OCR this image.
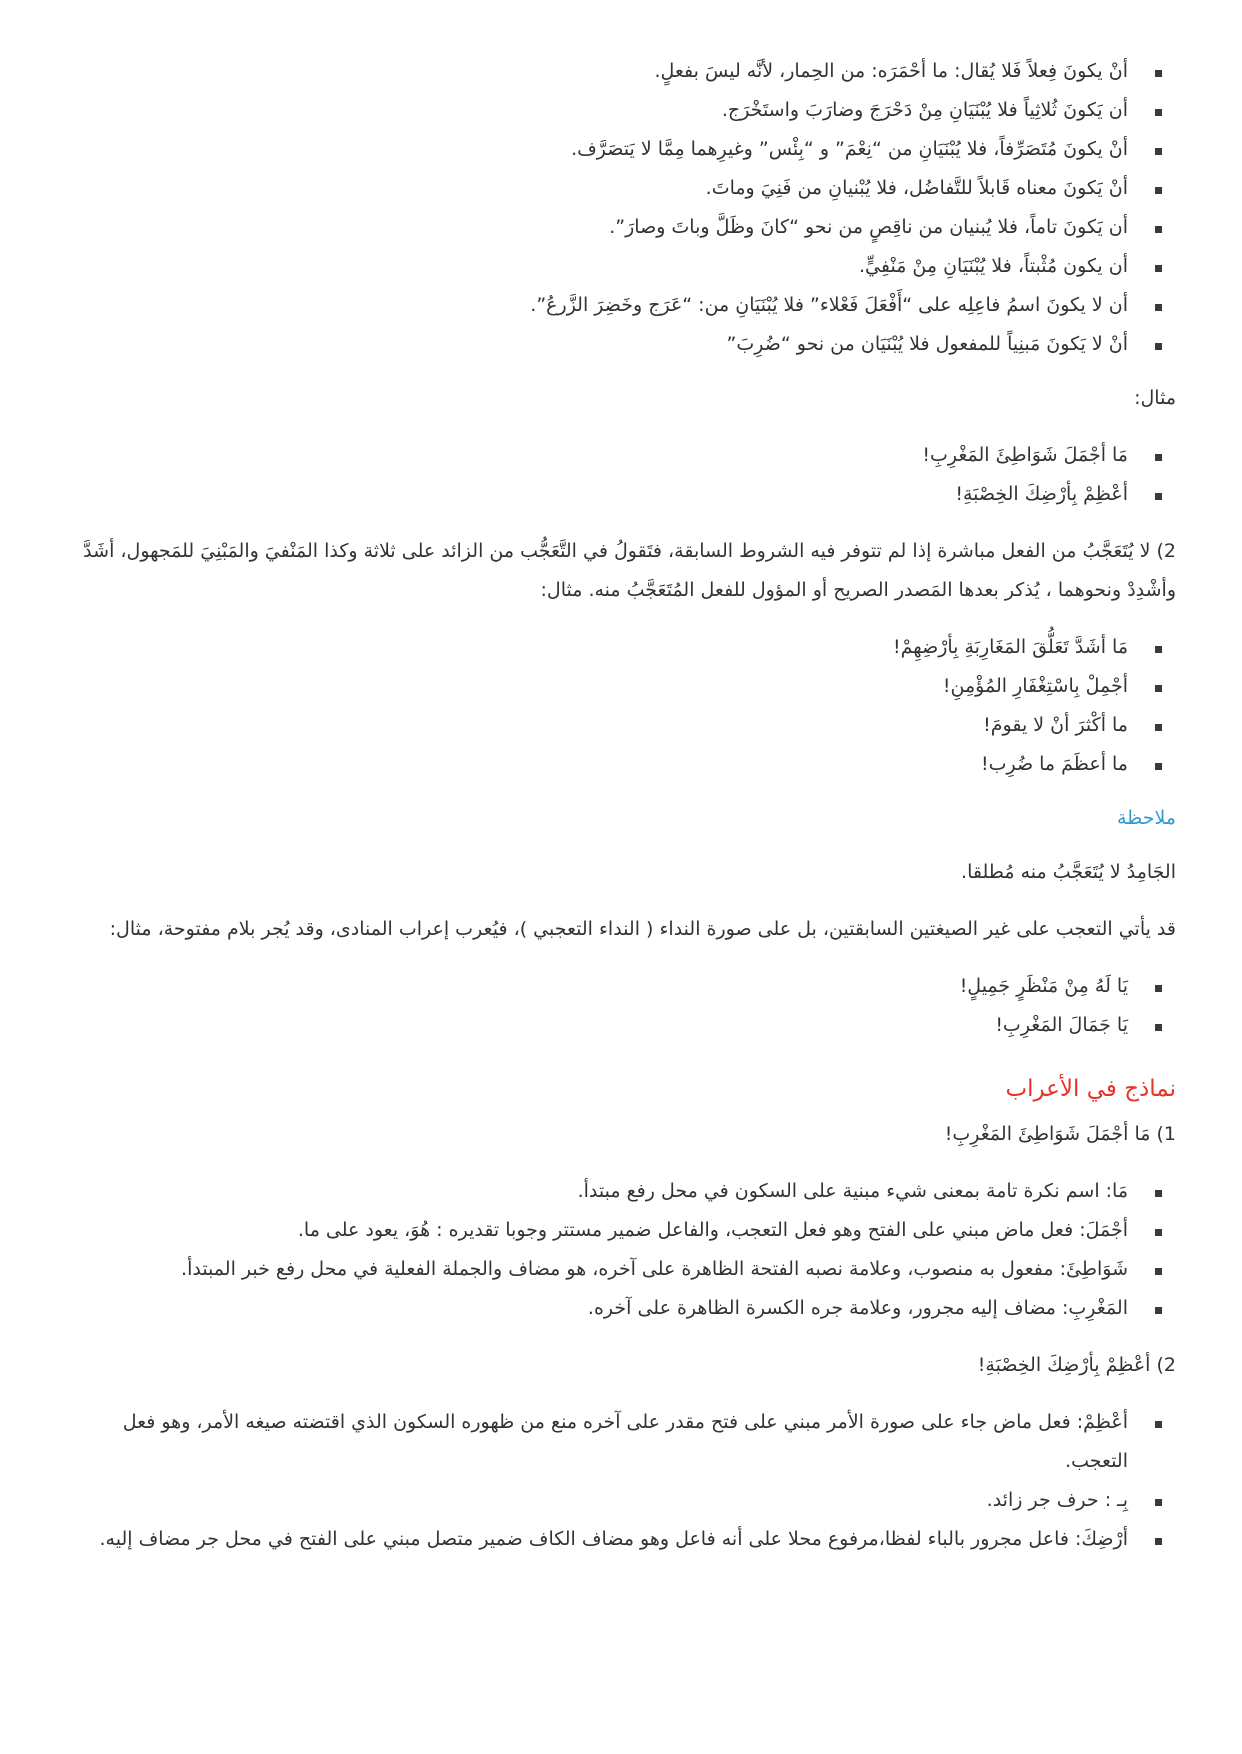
أنْ يكونَ فِعلاً فَلا يُقال: ما أحْمَرَه: من الحِمار، لأنَّه ليسَ بفعلٍ.
أن يَكونَ ثُلاثِياً فلا يُبْنَيَانِ مِنْ دَحْرَجَ وضارَبَ واستَخْرَج.
أنْ يكونَ مُتَصَرِّفاً، فلا يُبْنَيَانِ من “نِعْمَ” و “بِئْس” وغيرِهما مِمَّا لا يَتصَرَّف.
أنْ يَكونَ معناه قَابلاً للتَّفاضُل، فلا يُبْنيانِ من فَنِيَ وماتَ.
أن يَكونَ تاماً، فلا يُبنيان من ناقِصٍ من نحو “كانَ وظَلَّ وباتَ وصارَ”.
أن يكون مُثْبتاً، فلا يُبْنَيَانِ مِنْ مَنْفِيٍّ.
أن لا يكونَ اسمُ فاعِلِه على “أَفْعَلَ فَعْلاء” فلا يُبْنَيَانِ من: “عَرَج وخَضِرَ الزَّرعُ”.
أنْ لا يَكونَ مَبنِياً للمفعول فلا يُبْنَيَان من نحو “ضُرِبَ”

مثال:

مَا أجْمَلَ شَوَاطِئَ المَغْرِبِ!
أعْظِمْ بِأرْضِكَ الخِصْبَةِ!

2) لا يُتَعَجَّبُ من الفعل مباشرة إذا لم تتوفر فيه الشروط السابقة، فتَقولُ في التَّعَجُّب من الزائد على ثلاثة وكذا المَنْفيَ والمَبْنِيَ للمَجهول، أشَدَّ وأشْدِدْ ونحوهما ، يُذكر بعدها المَصدر الصريح أو المؤول للفعل المُتَعَجَّبُ منه. مثال:

مَا أشَدَّ تَعَلُّقَ المَغَارِبَةِ بِأرْضِهِمْ!
أجْمِلْ بِاسْتِغْفَارِ المُؤْمِنِ!
ما أكْثرَ أنْ لا يقومَ!
ما أعظَمَ ما ضُرِب!

ملاحظة

الجَامِدُ لا يُتَعَجَّبُ منه مُطلقا.

قد يأتي التعجب على غير الصيغتين السابقتين، بل على صورة النداء ( النداء التعجبي )، فيُعرب إعراب المنادى، وقد يُجر بلام مفتوحة، مثال:

يَا لَهُ مِنْ مَنْظَرٍ جَمِيلٍ!
يَا جَمَالَ المَغْرِبِ!

نماذج في الأعراب

1) مَا أجْمَلَ شَوَاطِئَ المَغْرِبِ!

مَا: اسم نكرة تامة بمعنى شيء مبنية على السكون في محل رفع مبتدأ.
أجْمَلَ: فعل ماض مبني على الفتح وهو فعل التعجب، والفاعل ضمير مستتر وجوبا تقديره : هُوَ، يعود على ما.
شَوَاطِئَ: مفعول به منصوب، وعلامة نصبه الفتحة الظاهرة على آخره، هو مضاف والجملة الفعلية في محل رفع خبر المبتدأ.
المَغْرِبِ: مضاف إليه مجرور، وعلامة جره الكسرة الظاهرة على آخره.

2) أعْظِمْ بِأرْضِكَ الخِصْبَةِ!

أعْظِمْ: فعل ماض جاء على صورة الأمر مبني على فتح مقدر على آخره منع من ظهوره السكون الذي اقتضته صيغه الأمر، وهو فعل التعجب.
بِـ : حرف جر زائد.
أرْضِكَ: فاعل مجرور بالباء لفظا،مرفوع محلا على أنه فاعل وهو مضاف الكاف ضمير متصل مبني على الفتح في محل جر مضاف إليه.
